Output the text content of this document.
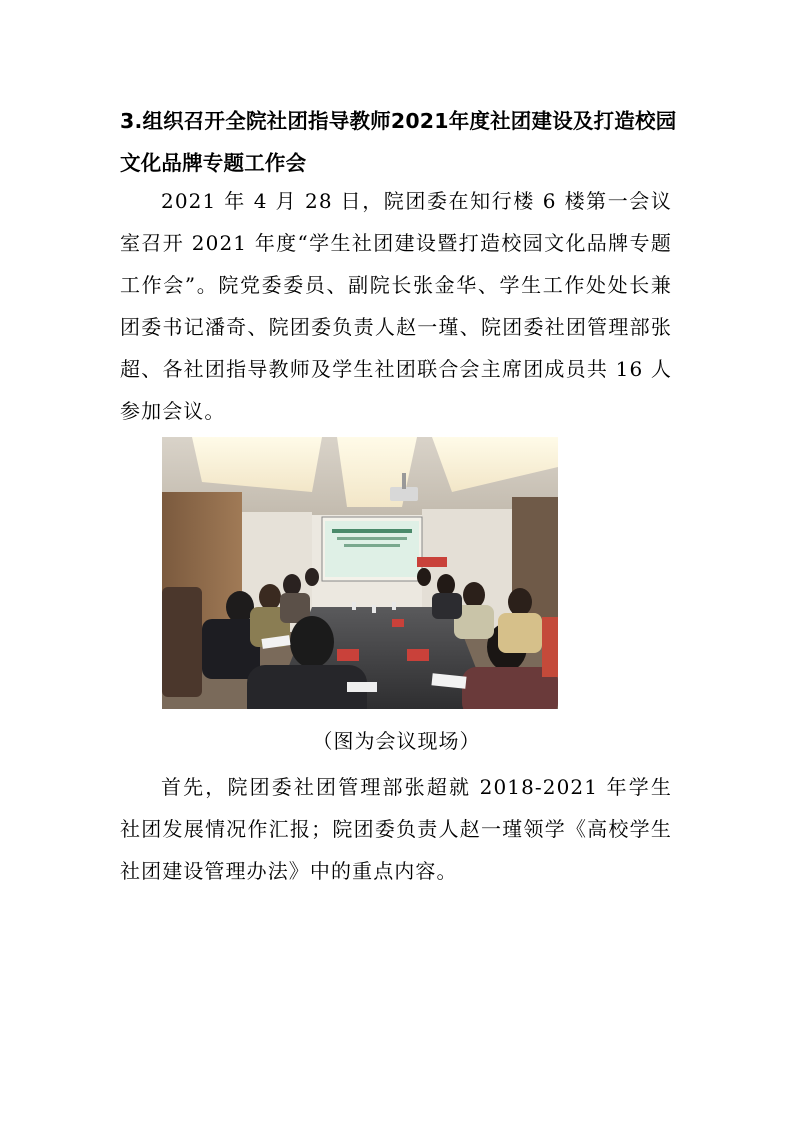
3.组织召开全院社团指导教师2021年度社团建设及打造校园文化品牌专题工作会

2021 年 4 月 28 日，院团委在知行楼 6 楼第一会议室召开 2021 年度“学生社团建设暨打造校园文化品牌专题工作会”。院党委委员、副院长张金华、学生工作处处长兼团委书记潘奇、院团委负责人赵一瑾、院团委社团管理部张超、各社团指导教师及学生社团联合会主席团成员共 16 人参加会议。

（图为会议现场）

首先，院团委社团管理部张超就 2018-2021 年学生社团发展情况作汇报；院团委负责人赵一瑾领学《高校学生社团建设管理办法》中的重点内容。
